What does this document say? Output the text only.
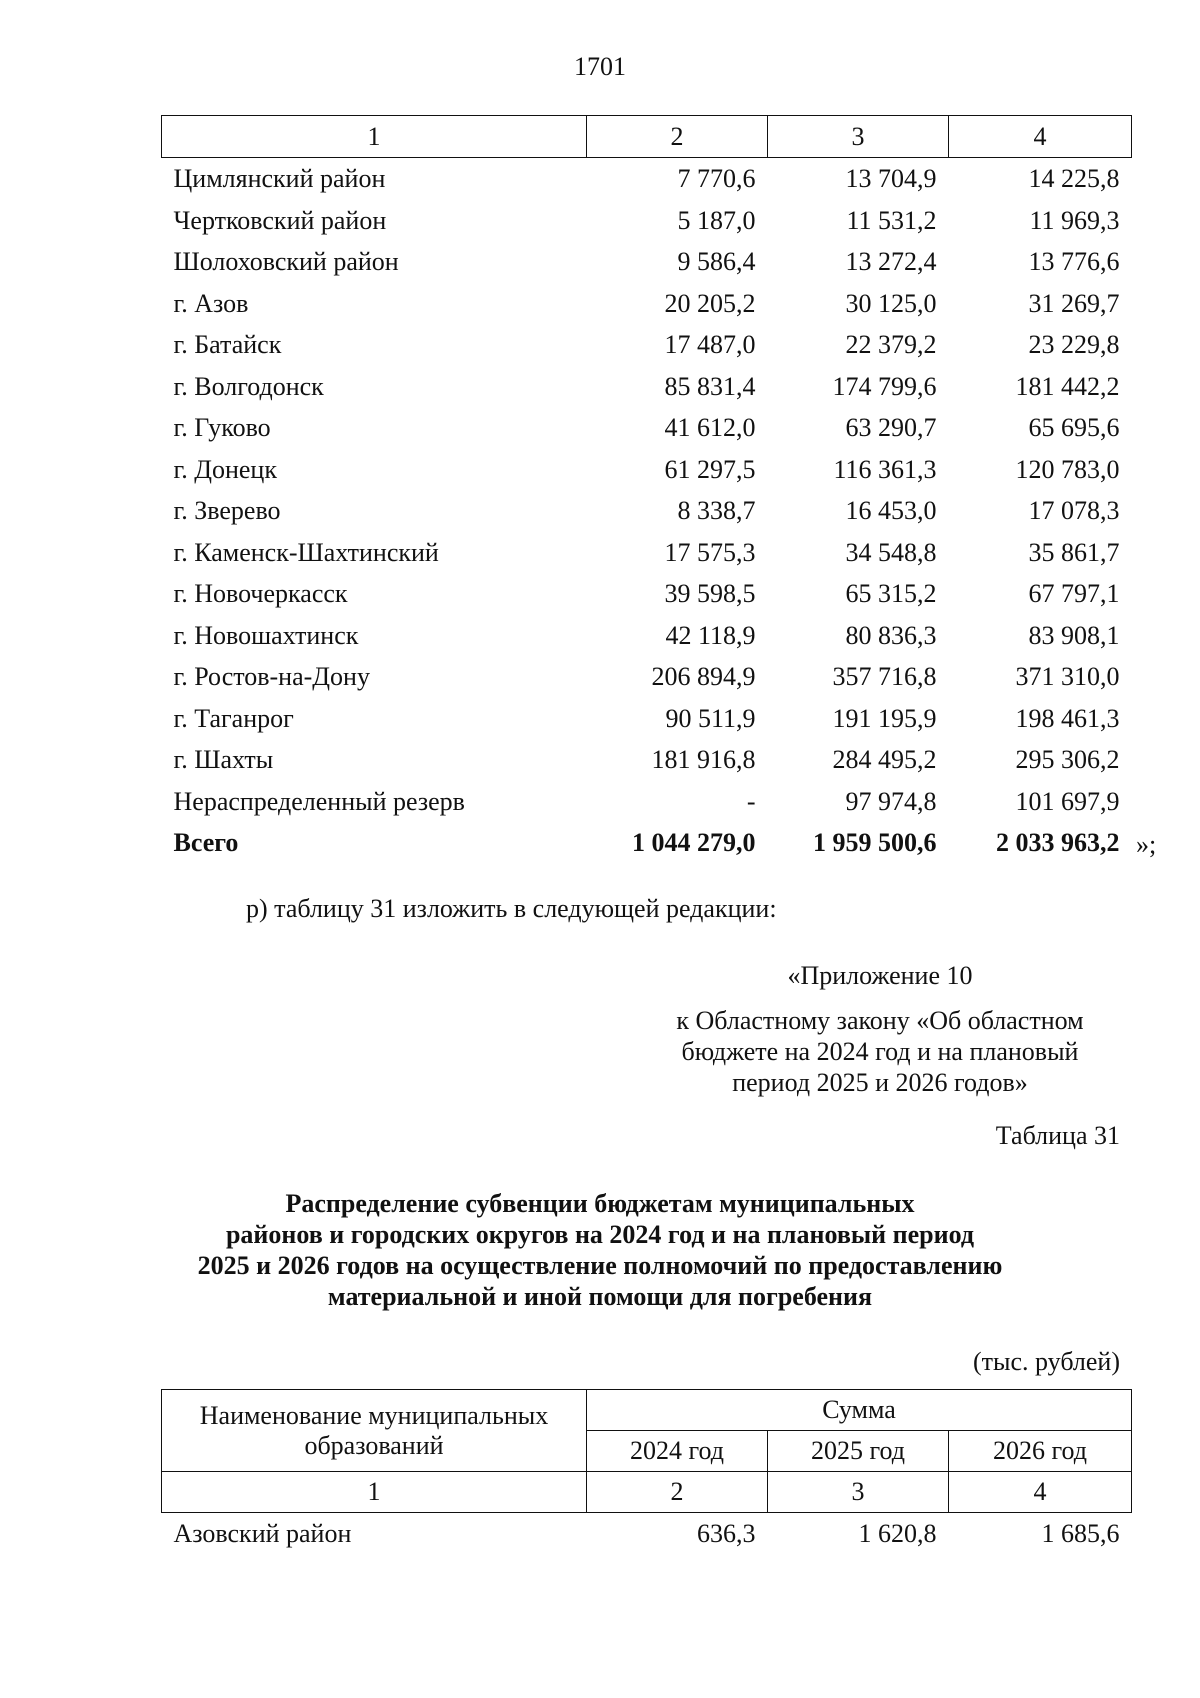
1701
1	2	3	4
Цимлянский район	7 770,6	13 704,9	14 225,8
Чертковский район	5 187,0	11 531,2	11 969,3
Шолоховский район	9 586,4	13 272,4	13 776,6
г. Азов	20 205,2	30 125,0	31 269,7
г. Батайск	17 487,0	22 379,2	23 229,8
г. Волгодонск	85 831,4	174 799,6	181 442,2
г. Гуково	41 612,0	63 290,7	65 695,6
г. Донецк	61 297,5	116 361,3	120 783,0
г. Зверево	8 338,7	16 453,0	17 078,3
г. Каменск-Шахтинский	17 575,3	34 548,8	35 861,7
г. Новочеркасск	39 598,5	65 315,2	67 797,1
г. Новошахтинск	42 118,9	80 836,3	83 908,1
г. Ростов-на-Дону	206 894,9	357 716,8	371 310,0
г. Таганрог	90 511,9	191 195,9	198 461,3
г. Шахты	181 916,8	284 495,2	295 306,2
Нераспределенный резерв	-	97 974,8	101 697,9
Всего	1 044 279,0	1 959 500,6	2 033 963,2 »;
р) таблицу 31 изложить в следующей редакции:
«Приложение 10
к Областному закону «Об областном
бюджете на 2024 год и на плановый
период 2025 и 2026 годов»
Таблица 31
Распределение субвенции бюджетам муниципальных
районов и городских округов на 2024 год и на плановый период
2025 и 2026 годов на осуществление полномочий по предоставлению
материальной и иной помощи для погребения
(тыс. рублей)
Наименование муниципальных образований	Сумма		
	2024 год	2025 год	2026 год
1	2	3	4
Азовский район	636,3	1 620,8	1 685,6
